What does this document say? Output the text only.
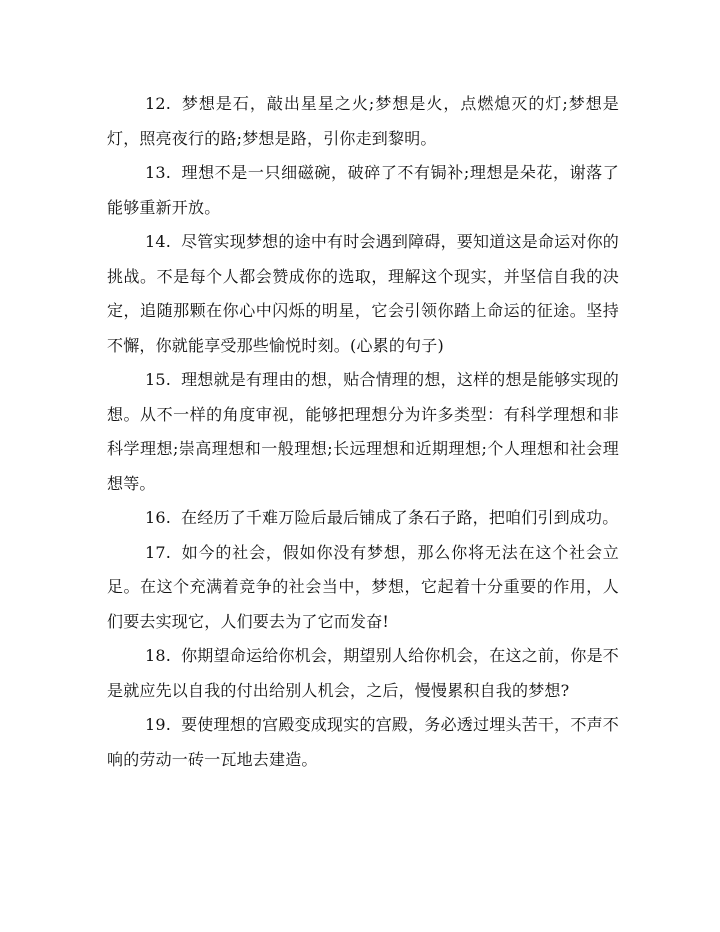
12. 梦想是石，敲出星星之火;梦想是火，点燃熄灭的灯;梦想是灯，照亮夜行的路;梦想是路，引你走到黎明。

13. 理想不是一只细磁碗，破碎了不有锔补;理想是朵花，谢落了能够重新开放。

14. 尽管实现梦想的途中有时会遇到障碍，要知道这是命运对你的挑战。不是每个人都会赞成你的选取，理解这个现实，并坚信自我的决定，追随那颗在你心中闪烁的明星，它会引领你踏上命运的征途。坚持不懈，你就能享受那些愉悦时刻。(心累的句子)

15. 理想就是有理由的想，贴合情理的想，这样的想是能够实现的想。从不一样的角度审视，能够把理想分为许多类型：有科学理想和非科学理想;崇高理想和一般理想;长远理想和近期理想;个人理想和社会理想等。

16. 在经历了千难万险后最后铺成了条石子路，把咱们引到成功。

17. 如今的社会，假如你没有梦想，那么你将无法在这个社会立足。在这个充满着竞争的社会当中，梦想，它起着十分重要的作用，人们要去实现它，人们要去为了它而发奋!

18. 你期望命运给你机会，期望别人给你机会，在这之前，你是不是就应先以自我的付出给别人机会，之后，慢慢累积自我的梦想?

19. 要使理想的宫殿变成现实的宫殿，务必透过埋头苦干，不声不响的劳动一砖一瓦地去建造。
